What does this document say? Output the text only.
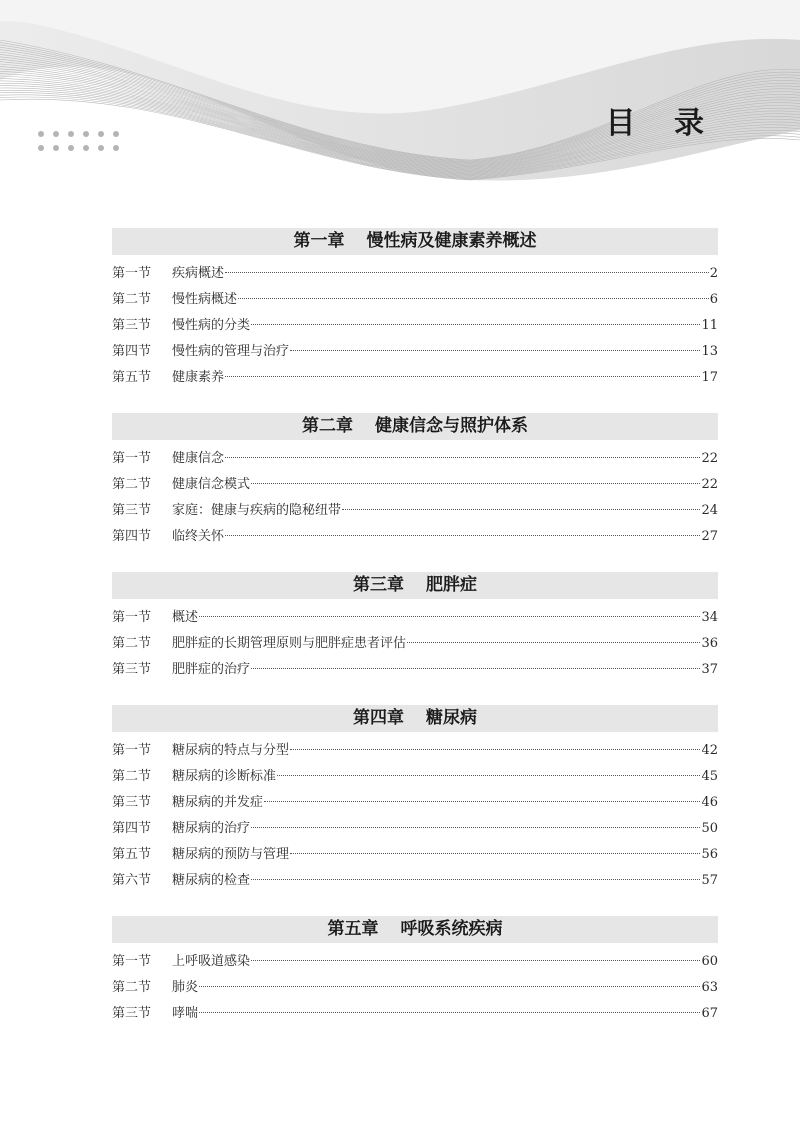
目 录
第一章 慢性病及健康素养概述
第一节	疾病概述	2
第二节	慢性病概述	6
第三节	慢性病的分类	11
第四节	慢性病的管理与治疗	13
第五节	健康素养	17
第二章 健康信念与照护体系
第一节	健康信念	22
第二节	健康信念模式	22
第三节	家庭：健康与疾病的隐秘纽带	24
第四节	临终关怀	27
第三章 肥胖症
第一节	概述	34
第二节	肥胖症的长期管理原则与肥胖症患者评估	36
第三节	肥胖症的治疗	37
第四章 糖尿病
第一节	糖尿病的特点与分型	42
第二节	糖尿病的诊断标准	45
第三节	糖尿病的并发症	46
第四节	糖尿病的治疗	50
第五节	糖尿病的预防与管理	56
第六节	糖尿病的检查	57
第五章 呼吸系统疾病
第一节	上呼吸道感染	60
第二节	肺炎	63
第三节	哮喘	67
